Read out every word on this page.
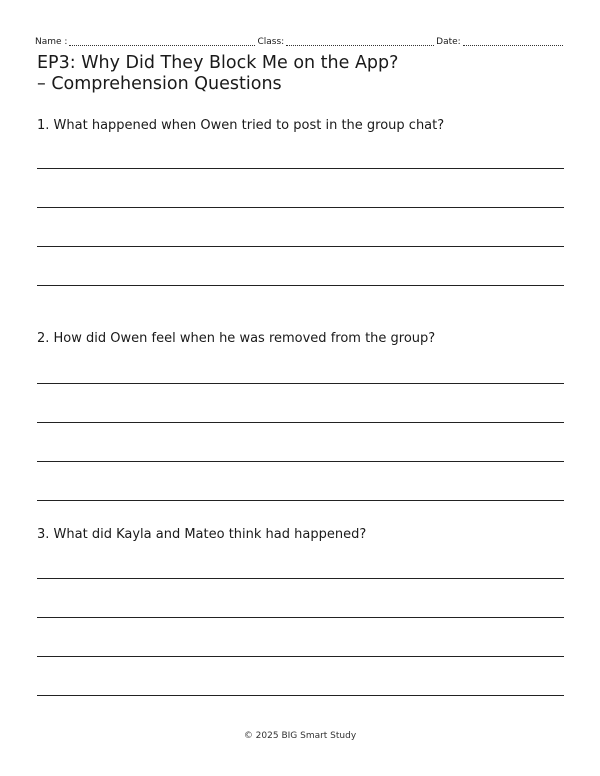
Name :	Class:	Date:
EP3: Why Did They Block Me on the App?
– Comprehension Questions

1. What happened when Owen tried to post in the group chat?

2. How did Owen feel when he was removed from the group?

3. What did Kayla and Mateo think had happened?

© 2025 BIG Smart Study
